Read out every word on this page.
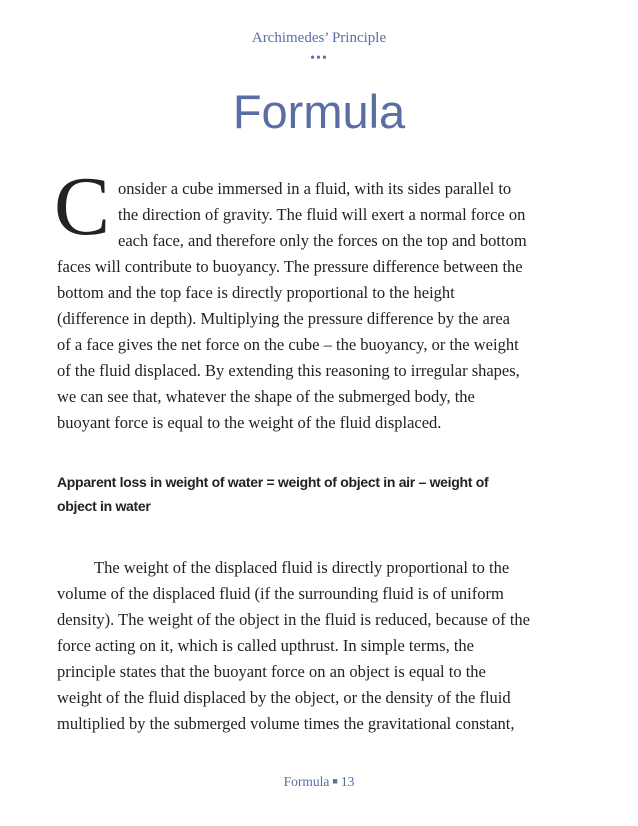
Archimedes’ Principle
•••
Formula
C onsider a cube immersed in a fluid, with its sides parallel to
the direction of gravity. The fluid will exert a normal force on
each face, and therefore only the forces on the top and bottom
faces will contribute to buoyancy. The pressure difference between the
bottom and the top face is directly proportional to the height
(difference in depth). Multiplying the pressure difference by the area
of a face gives the net force on the cube – the buoyancy, or the weight
of the fluid displaced. By extending this reasoning to irregular shapes,
we can see that, whatever the shape of the submerged body, the
buoyant force is equal to the weight of the fluid displaced.
Apparent loss in weight of water = weight of object in air – weight of
object in water
The weight of the displaced fluid is directly proportional to the
volume of the displaced fluid (if the surrounding fluid is of uniform
density). The weight of the object in the fluid is reduced, because of the
force acting on it, which is called upthrust. In simple terms, the
principle states that the buoyant force on an object is equal to the
weight of the fluid displaced by the object, or the density of the fluid
multiplied by the submerged volume times the gravitational constant,
Formula ■ 13
